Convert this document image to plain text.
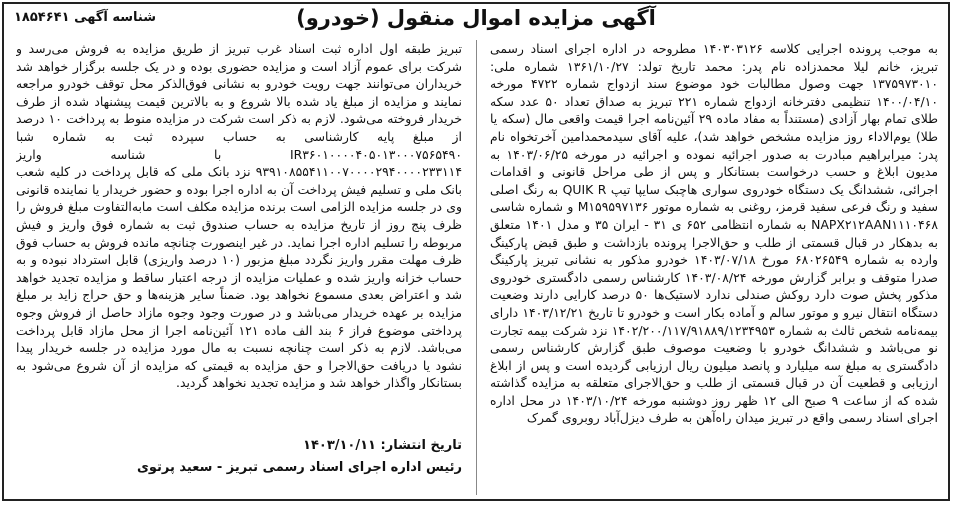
آگهی مزایده اموال منقول (خودرو)
شناسه آگهی ۱۸۵۴۶۴۱

به موجب پرونده اجرایی کلاسه ۱۴۰۳۰۳۱۲۶ مطروحه در اداره اجرای اسناد رسمی تبریز، خانم لیلا محمدزاده نام پدر: محمد تاریخ تولد: ۱۳۶۱/۱۰/۲۷ شماره ملی: ۱۳۷۵۹۷۳۰۱۰ جهت وصول مطالبات خود موضوع سند ازدواج شماره ۴۷۲۲ مورخه ۱۴۰۰/۰۴/۱۰ تنظیمی دفترخانه ازدواج شماره ۲۲۱ تبریز به صداق تعداد ۵۰ عدد سکه طلای تمام بهار آزادی (مستنداً به مفاد ماده ۲۹ آئین‌نامه اجرا قیمت واقعی مال (سکه یا طلا) یوم‌الاداء روز مزایده مشخص خواهد شد)، علیه آقای سیدمحمدامین آخرتخواه نام پدر: میرابراهیم مبادرت به صدور اجرائیه نموده و اجرائیه در مورخه ۱۴۰۳/۰۶/۲۵ به مدیون ابلاغ و حسب درخواست بستانکار و پس از طی مراحل قانونی و اقدامات اجرائی، ششدانگ یک دستگاه خودروی سواری هاچبک سایپا تیپ QUIK R به رنگ اصلی سفید و رنگ فرعی سفید قرمز، روغنی به شماره موتور M۱۵۹۵۹۷۱۳۶ و شماره شاسی NAPX۲۱۲AAN۱۱۱۰۴۶۸ به شماره انتظامی ۶۵۲ ی ۳۱ - ایران ۳۵ و مدل ۱۴۰۱ متعلق به بدهکار در قبال قسمتی از طلب و حق‌الاجرا پرونده بازداشت و طبق قبض پارکینگ وارده به شماره ۶۸۰۲۶۵۴۹ مورخ ۱۴۰۳/۰۷/۱۸ خودرو مذکور به نشانی تبریز پارکینگ صدرا متوقف و برابر گزارش مورخه ۱۴۰۳/۰۸/۲۴ کارشناس رسمی دادگستری خودروی مذکور پخش صوت دارد روکش صندلی ندارد لاستیک‌ها ۵۰ درصد کارایی دارند وضعیت دستگاه انتقال نیرو و موتور سالم و آماده بکار است و خودرو تا تاریخ ۱۴۰۳/۱۲/۲۱ دارای بیمه‌نامه شخص ثالث به شماره ۱۴۰۲/۲۰۰/۱۱۷/۹۱۸۸۹/۱۲۳۴۹۵۳ نزد شرکت بیمه تجارت نو می‌باشد و ششدانگ خودرو با وضعیت موصوف طبق گزارش کارشناس رسمی دادگستری به مبلغ سه میلیارد و پانصد میلیون ریال ارزیابی گردیده است و پس از ابلاغ ارزیابی و قطعیت آن در قبال قسمتی از طلب و حق‌الاجرای متعلقه به مزایده گذاشته شده که از ساعت ۹ صبح الی ۱۲ ظهر روز دوشنبه مورخه ۱۴۰۳/۱۰/۲۴ در محل اداره اجرای اسناد رسمی واقع در تبریز میدان راه‌آهن به طرف دیزل‌آباد روبروی گمرک

تبریز طبقه اول اداره ثبت اسناد غرب تبریز از طریق مزایده به فروش می‌رسد و شرکت برای عموم آزاد است و مزایده حضوری بوده و در یک جلسه برگزار خواهد شد خریداران می‌توانند جهت رویت خودرو به نشانی فوق‌الذکر محل توقف خودرو مراجعه نمایند و مزایده از مبلغ یاد شده بالا شروع و به بالاترین قیمت پیشنهاد شده از طرف خریدار فروخته می‌شود. لازم به ذکر است شرکت در مزایده منوط به پرداخت ۱۰ درصد از مبلغ پایه کارشناسی به حساب سپرده ثبت به شماره شبا IR۳۶۰۱۰۰۰۰۴۰۵۰۱۳۰۰۰۷۵۶۵۴۹۰ با شناسه واریز ۹۳۹۱۰۸۵۵۴۱۱۰۰۷۰۰۰۰۲۹۴۰۰۰۰۲۳۳۱۱۴ نزد بانک ملی که قابل پرداخت در کلیه شعب بانک ملی و تسلیم فیش پرداخت آن به اداره اجرا بوده و حضور خریدار یا نماینده قانونی وی در جلسه مزایده الزامی است برنده مزایده مکلف است مابه‌التفاوت مبلغ فروش را ظرف پنج روز از تاریخ مزایده به حساب صندوق ثبت به شماره فوق واریز و فیش مربوطه را تسلیم اداره اجرا نماید. در غیر اینصورت چنانچه مانده فروش به حساب فوق ظرف مهلت مقرر واریز نگردد مبلغ مزبور (۱۰ درصد واریزی) قابل استرداد نبوده و به حساب خزانه واریز شده و عملیات مزایده از درجه اعتبار ساقط و مزایده تجدید خواهد شد و اعتراض بعدی مسموع نخواهد بود. ضمناً سایر هزینه‌ها و حق حراج زاید بر مبلغ مزایده بر عهده خریدار می‌باشد و در صورت وجود وجوه مازاد حاصل از فروش وجوه پرداختی موضوع فراز ۶ بند الف ماده ۱۲۱ آئین‌نامه اجرا از محل مازاد قابل پرداخت می‌باشد. لازم به ذکر است چنانچه نسبت به مال مورد مزایده در جلسه خریدار پیدا نشود یا دریافت حق‌الاجرا و حق مزایده به قیمتی که مزایده از آن شروع می‌شود به بستانکار واگذار خواهد شد و مزایده تجدید نخواهد گردید.

تاریخ انتشار: ۱۴۰۳/۱۰/۱۱
رئیس اداره اجرای اسناد رسمی تبریز - سعید پرتوی
